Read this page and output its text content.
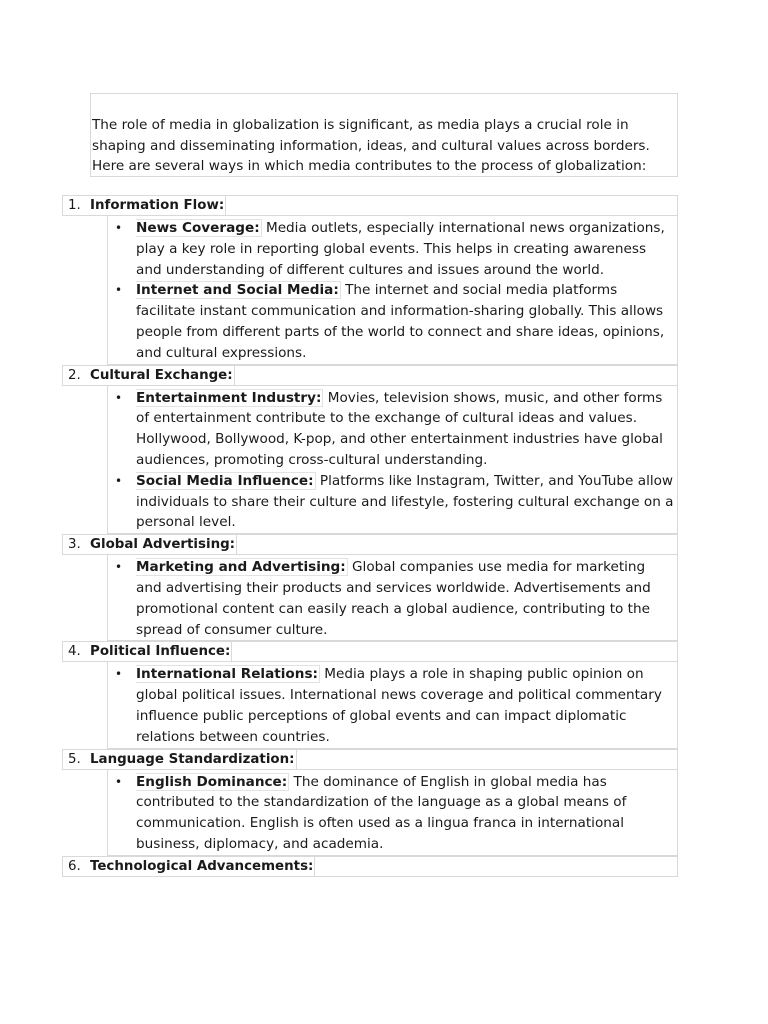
The role of media in globalization is significant, as media plays a crucial role in shaping and disseminating information, ideas, and cultural values across borders. Here are several ways in which media contributes to the process of globalization:
1. Information Flow:
• News Coverage: Media outlets, especially international news organizations, play a key role in reporting global events. This helps in creating awareness and understanding of different cultures and issues around the world.
• Internet and Social Media: The internet and social media platforms facilitate instant communication and information-sharing globally. This allows people from different parts of the world to connect and share ideas, opinions, and cultural expressions.
2. Cultural Exchange:
• Entertainment Industry: Movies, television shows, music, and other forms of entertainment contribute to the exchange of cultural ideas and values. Hollywood, Bollywood, K-pop, and other entertainment industries have global audiences, promoting cross-cultural understanding.
• Social Media Influence: Platforms like Instagram, Twitter, and YouTube allow individuals to share their culture and lifestyle, fostering cultural exchange on a personal level.
3. Global Advertising:
• Marketing and Advertising: Global companies use media for marketing and advertising their products and services worldwide. Advertisements and promotional content can easily reach a global audience, contributing to the spread of consumer culture.
4. Political Influence:
• International Relations: Media plays a role in shaping public opinion on global political issues. International news coverage and political commentary influence public perceptions of global events and can impact diplomatic relations between countries.
5. Language Standardization:
• English Dominance: The dominance of English in global media has contributed to the standardization of the language as a global means of communication. English is often used as a lingua franca in international business, diplomacy, and academia.
6. Technological Advancements:
